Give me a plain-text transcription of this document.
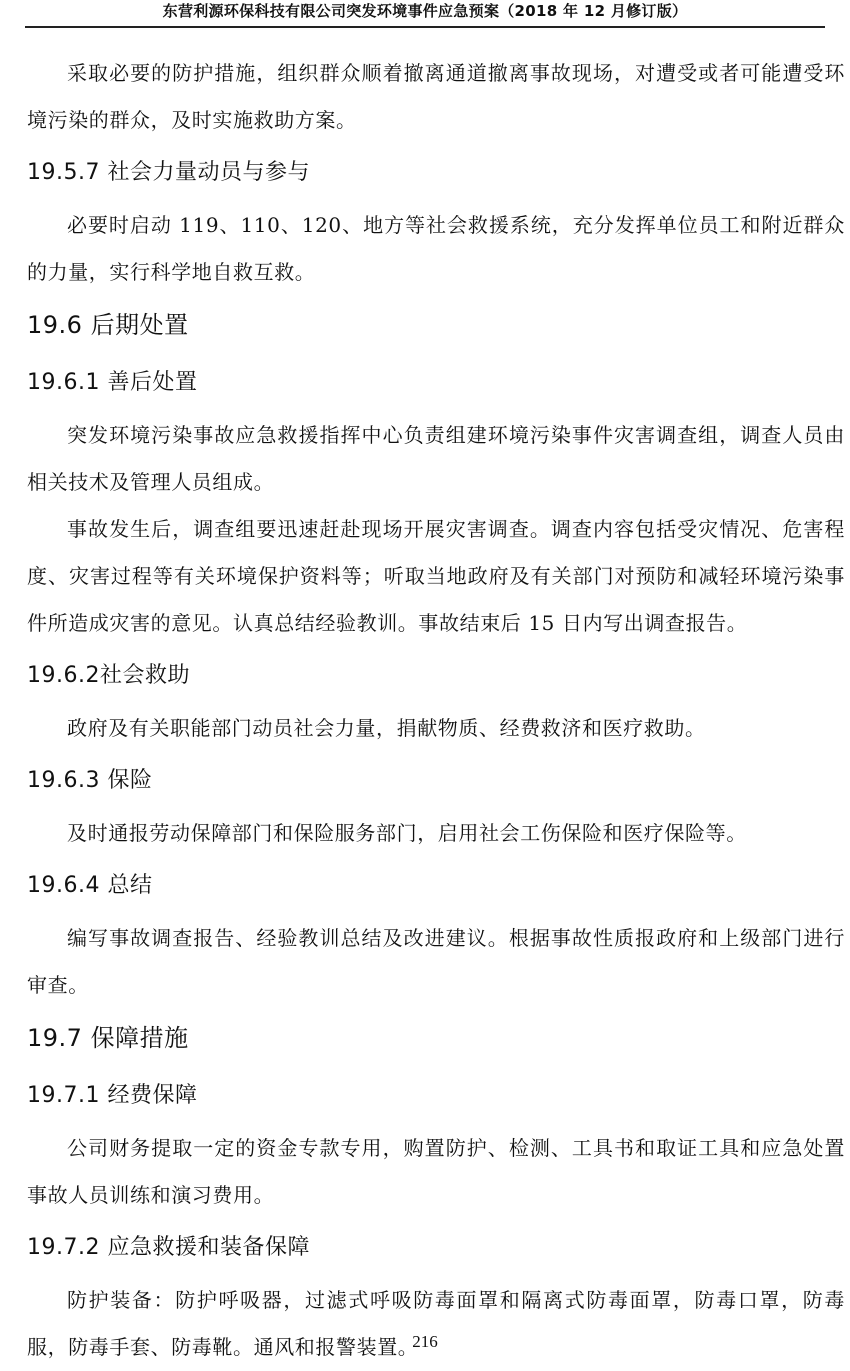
东营利源环保科技有限公司突发环境事件应急预案（2018 年 12 月修订版）

采取必要的防护措施，组织群众顺着撤离通道撤离事故现场，对遭受或者可能遭受环境污染的群众，及时实施救助方案。

19.5.7 社会力量动员与参与

必要时启动 119、110、120、地方等社会救援系统，充分发挥单位员工和附近群众的力量，实行科学地自救互救。

19.6 后期处置
19.6.1 善后处置

突发环境污染事故应急救援指挥中心负责组建环境污染事件灾害调查组，调查人员由相关技术及管理人员组成。

事故发生后，调查组要迅速赶赴现场开展灾害调查。调查内容包括受灾情况、危害程度、灾害过程等有关环境保护资料等；听取当地政府及有关部门对预防和减轻环境污染事件所造成灾害的意见。认真总结经验教训。事故结束后 15 日内写出调查报告。

19.6.2社会救助

政府及有关职能部门动员社会力量，捐献物质、经费救济和医疗救助。

19.6.3 保险

及时通报劳动保障部门和保险服务部门，启用社会工伤保险和医疗保险等。

19.6.4 总结

编写事故调查报告、经验教训总结及改进建议。根据事故性质报政府和上级部门进行审查。

19.7 保障措施
19.7.1 经费保障

公司财务提取一定的资金专款专用，购置防护、检测、工具书和取证工具和应急处置事故人员训练和演习费用。

19.7.2 应急救援和装备保障

防护装备：防护呼吸器，过滤式呼吸防毒面罩和隔离式防毒面罩，防毒口罩，防毒服，防毒手套、防毒靴。通风和报警装置。

216
